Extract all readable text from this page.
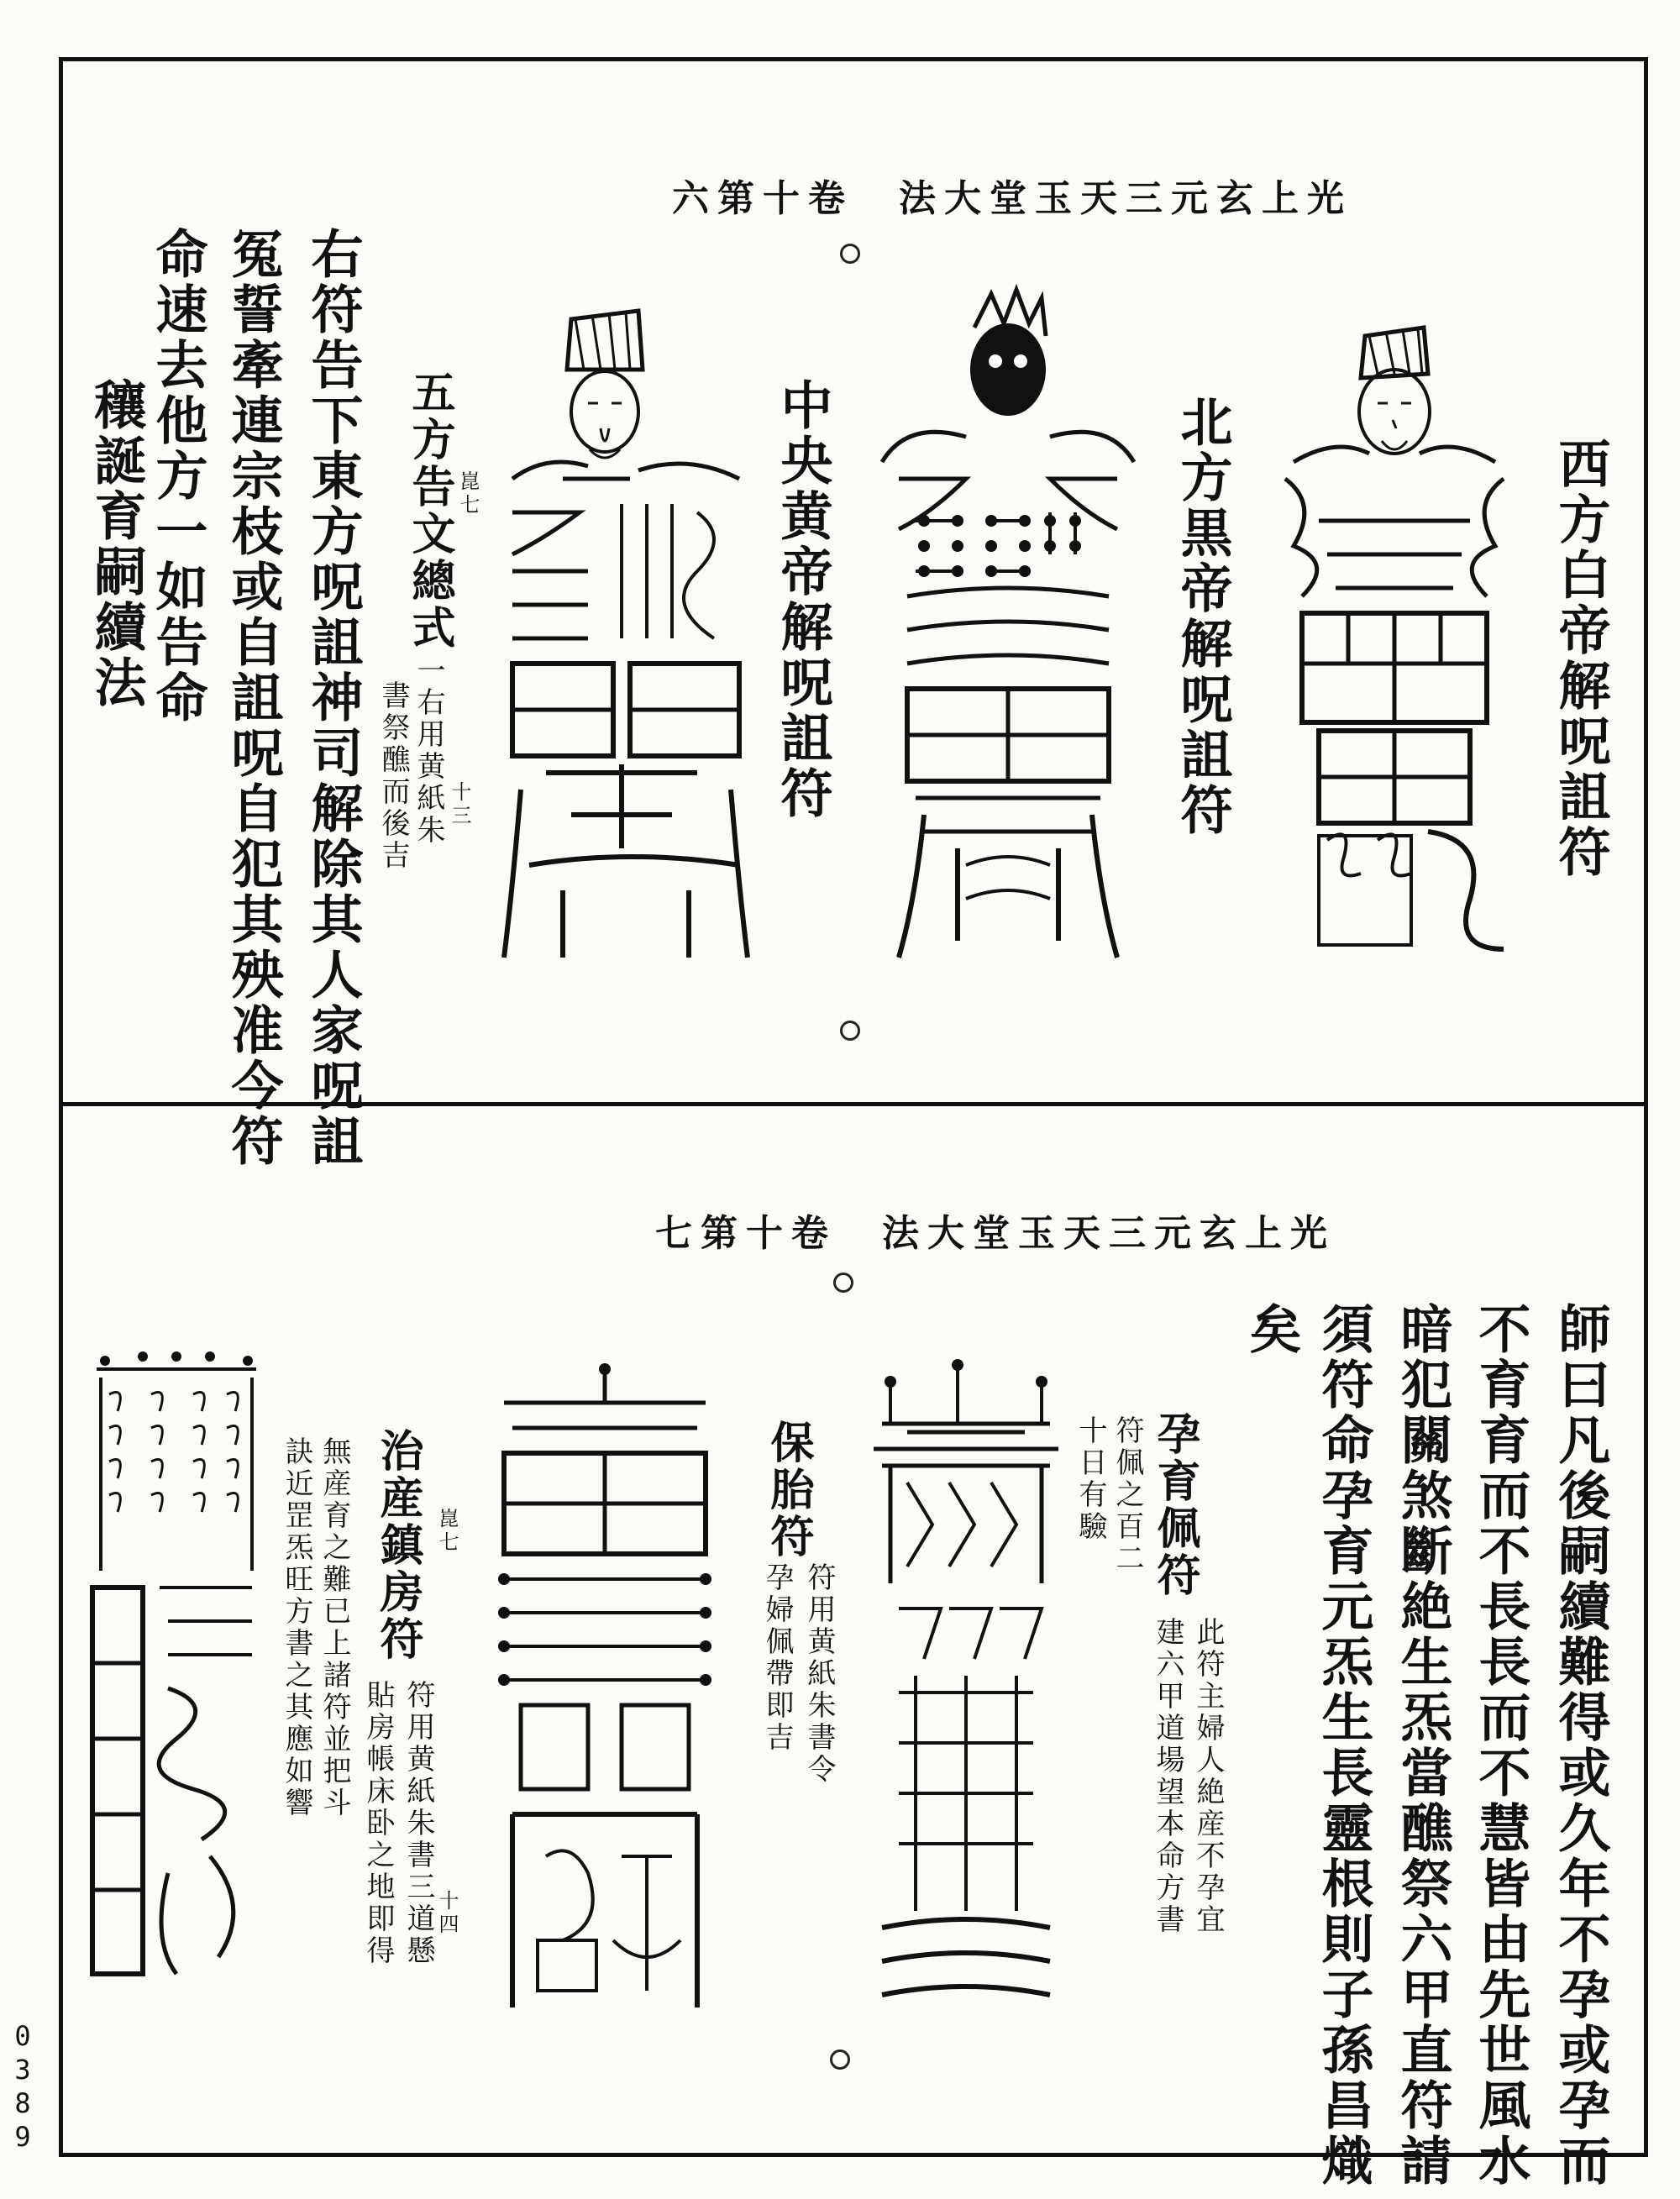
光上玄元三天玉堂大法　卷十第六
西方白帝解呪詛符
北方黒帝解呪詛符
中央黄帝解呪詛符
五方告文總式 崑七
一右用黄紙朱 十三
書祭醮而後吉
右符告下東方呪詛神司解除其人家呪詛
冤誓牽連宗枝或自詛呪自犯其殃准今符
命速去他方一如告命
穰誕育嗣續法
光上玄元三天玉堂大法　卷十第七
師曰凡後嗣續難得或久年不孕或孕而
不育育而不長長而不慧皆由先世風水
暗犯關煞斷絶生炁當醮祭六甲直符請
須符命孕育元炁生長靈根則子孫昌熾
矣
孕育佩符
此符主婦人絶産不孕宜
建六甲道場望本命方書
符佩之百二
十日有驗
保胎符
符用黄紙朱書令
孕婦佩帶即吉
治産鎮房符 崑七
符用黄紙朱書三道懸 十四
貼房帳床卧之地即得
無産育之難已上諸符並把斗
訣近罡炁旺方書之其應如響
0389
